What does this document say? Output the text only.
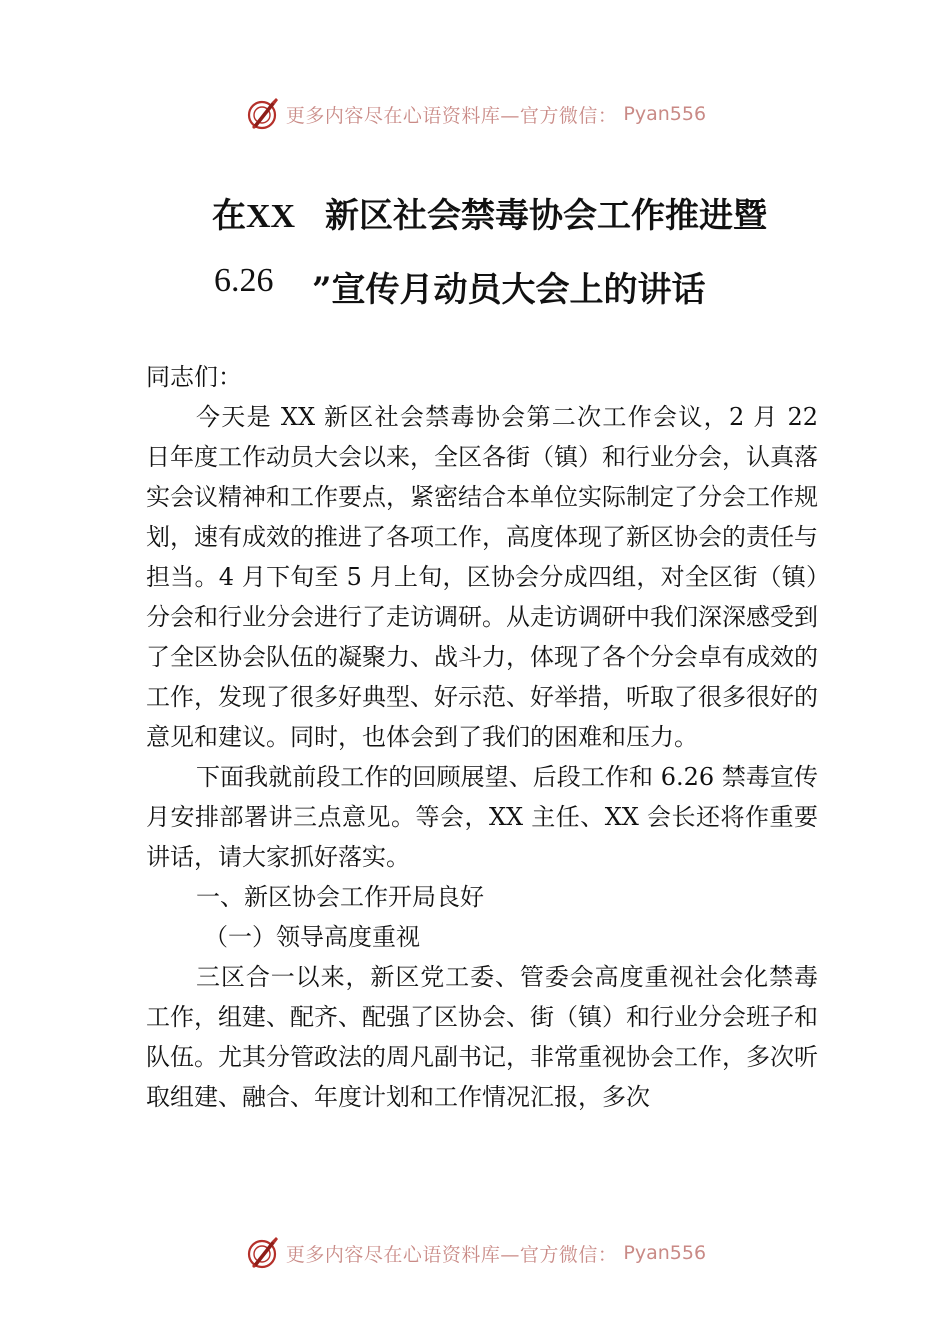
更多内容尽在心语资料库—官方微信： Pyan556
在XX 新区社会禁毒协会工作推进暨
6.26 ”宣传月动员大会上的讲话

同志们：

今天是 XX 新区社会禁毒协会第二次工作会议，2 月 22 日年度工作动员大会以来，全区各街（镇）和行业分会，认真落实会议精神和工作要点，紧密结合本单位实际制定了分会工作规划，速有成效的推进了各项工作，高度体现了新区协会的责任与担当。4 月下旬至 5 月上旬，区协会分成四组，对全区街（镇）分会和行业分会进行了走访调研。从走访调研中我们深深感受到了全区协会队伍的凝聚力、战斗力，体现了各个分会卓有成效的工作，发现了很多好典型、好示范、好举措，听取了很多很好的意见和建议。同时，也体会到了我们的困难和压力。

下面我就前段工作的回顾展望、后段工作和 6.26 禁毒宣传月安排部署讲三点意见。等会，XX 主任、XX 会长还将作重要讲话，请大家抓好落实。

一、新区协会工作开局良好

（一）领导高度重视

三区合一以来，新区党工委、管委会高度重视社会化禁毒工作，组建、配齐、配强了区协会、街（镇）和行业分会班子和队伍。尤其分管政法的周凡副书记，非常重视协会工作，多次听取组建、融合、年度计划和工作情况汇报，多次

更多内容尽在心语资料库—官方微信： Pyan556
